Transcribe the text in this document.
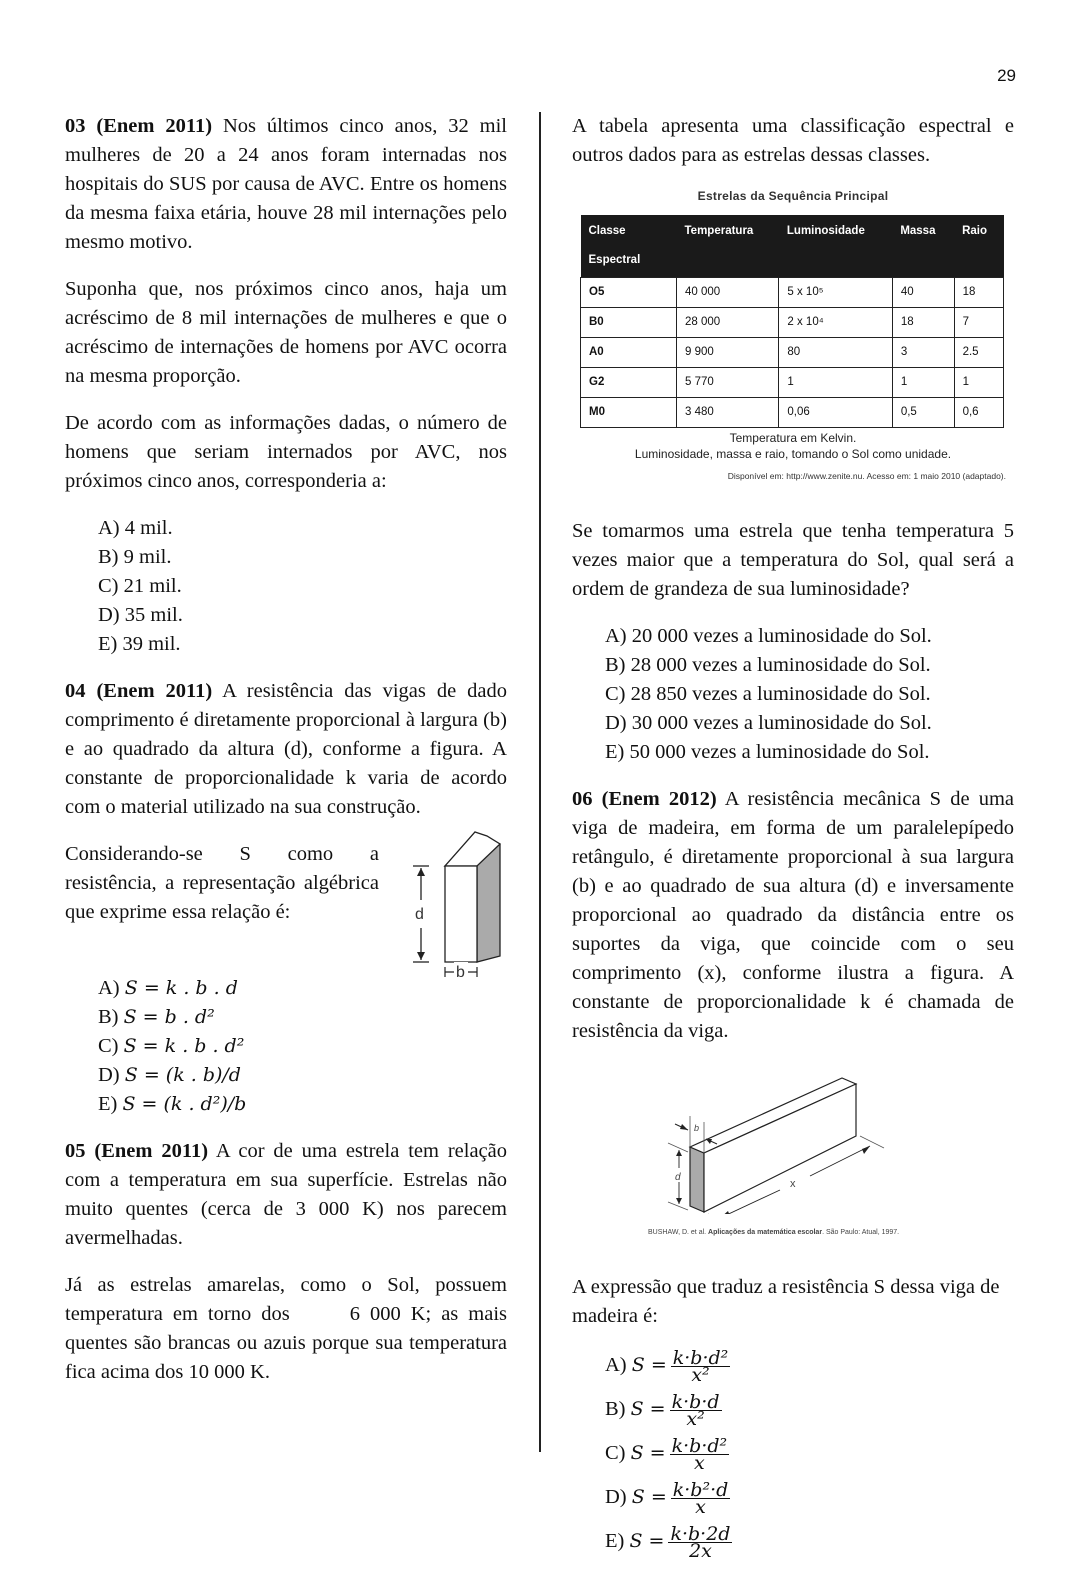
29

03 (Enem 2011) Nos últimos cinco anos, 32 mil mulheres de 20 a 24 anos foram internadas nos hospitais do SUS por causa de AVC. Entre os homens da mesma faixa etária, houve 28 mil internações pelo mesmo motivo.

Suponha que, nos próximos cinco anos, haja um acréscimo de 8 mil internações de mulheres e que o acréscimo de internações de homens por AVC ocorra na mesma proporção.

De acordo com as informações dadas, o número de homens que seriam internados por AVC, nos próximos cinco anos, corresponderia a:

A) 4 mil.
B) 9 mil.
C) 21 mil.
D) 35 mil.
E) 39 mil.

04 (Enem 2011) A resistência das vigas de dado comprimento é diretamente proporcional à largura (b) e ao quadrado da altura (d), conforme a figura. A constante de proporcionalidade k varia de acordo com o material utilizado na sua construção.

Considerando-se S como a resistência, a representação algébrica que exprime essa relação é:	d
b
A) S = k . b . d
B) S = b . d²
C) S = k . b . d²
D) S = (k . b)/d
E) S = (k . d²)/b

05 (Enem 2011) A cor de uma estrela tem relação com a temperatura em sua superfície. Estrelas não muito quentes (cerca de 3 000 K) nos parecem avermelhadas.

Já as estrelas amarelas, como o Sol, possuem temperatura em torno dos      6 000 K; as mais quentes são brancas ou azuis porque sua temperatura fica acima dos 10 000 K.

A tabela apresenta uma classificação espectral e outros dados para as estrelas dessas classes.

Estrelas da Sequência Principal
Classe Espectral	Temperatura	Luminosidade	Massa	Raio
O5	40 000	5 x 10⁵	40	18
B0	28 000	2 x 10⁴	18	7
A0	9 900	80	3	2.5
G2	5 770	1	1	1
M0	3 480	0,06	0,5	0,6
Temperatura em Kelvin.
Luminosidade, massa e raio, tomando o Sol como unidade.
Disponível em: http://www.zenite.nu. Acesso em: 1 maio 2010 (adaptado).

Se tomarmos uma estrela que tenha temperatura 5 vezes maior que a temperatura do Sol, qual será a ordem de grandeza de sua luminosidade?

A) 20 000 vezes a luminosidade do Sol.
B) 28 000 vezes a luminosidade do Sol.
C) 28 850 vezes a luminosidade do Sol.
D) 30 000 vezes a luminosidade do Sol.
E) 50 000 vezes a luminosidade do Sol.

06 (Enem 2012) A resistência mecânica S de uma viga de madeira, em forma de um paralelepípedo retângulo, é diretamente proporcional à sua largura (b) e ao quadrado de sua altura (d) e inversamente proporcional ao quadrado da distância entre os suportes da viga, que coincide com o seu comprimento (x), conforme ilustra a figura. A constante de proporcionalidade k é chamada de resistência da viga.

b
d
x
BUSHAW, D. et al. Aplicações da matemática escolar. São Paulo: Atual, 1997.

A expressão que traduz a resistência S dessa viga de madeira é:

A) $S = \frac{\text{k·b·d²}}{\text{x²}}$
B) $S = \frac{k\cdot b\cdot d}{\text{x²}}$
C) $S = \frac{\text{k·b·d²}}{x}$
D) $S = \frac{\text{k·b²·d}}{x}$
E) $S = \frac{k\cdot b\cdot 2d}{2x}$
